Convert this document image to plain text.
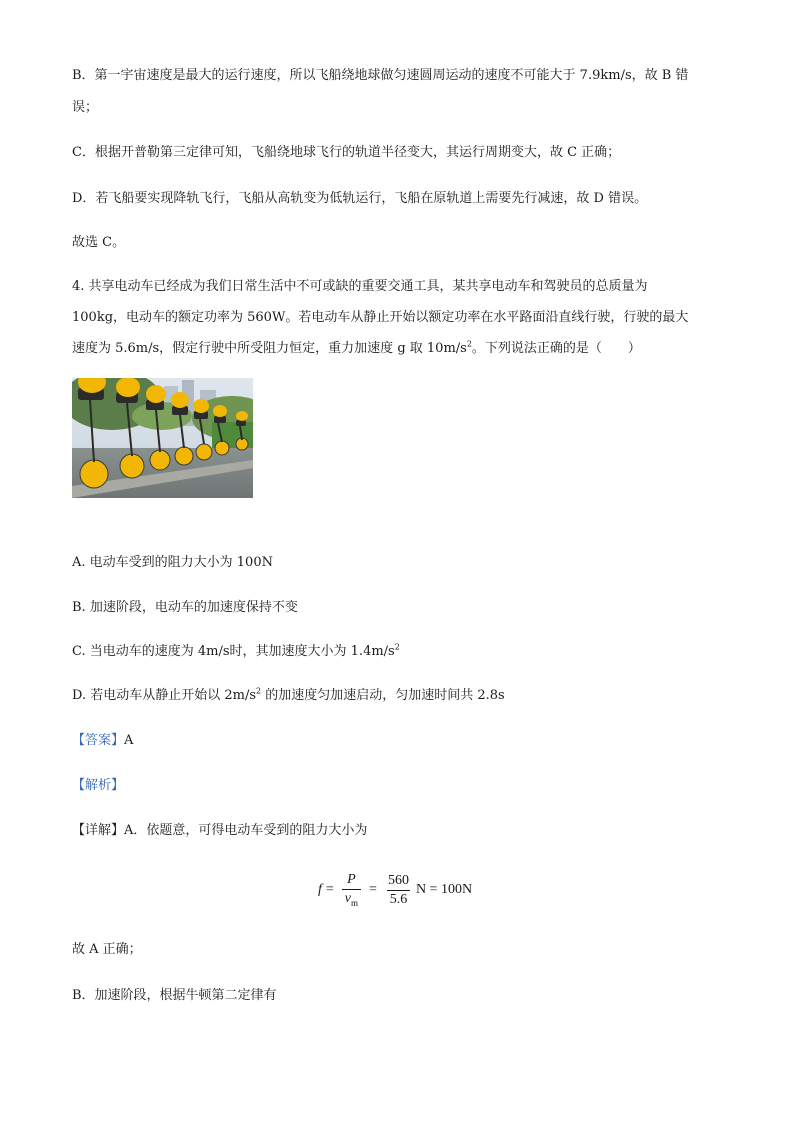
B．第一宇宙速度是最大的运行速度，所以飞船绕地球做匀速圆周运动的速度不可能大于 7.9km/s，故 B 错
误；
C．根据开普勒第三定律可知，飞船绕地球飞行的轨道半径变大，其运行周期变大，故 C 正确；
D．若飞船要实现降轨飞行，飞船从高轨变为低轨运行，飞船在原轨道上需要先行减速，故 D 错误。
故选 C。
4. 共享电动车已经成为我们日常生活中不可或缺的重要交通工具，某共享电动车和驾驶员的总质量为
100kg，电动车的额定功率为 560W。若电动车从静止开始以额定功率在水平路面沿直线行驶，行驶的最大
速度为 5.6m/s，假定行驶中所受阻力恒定，重力加速度 g 取 $10m/s^2$。下列说法正确的是（　　）
A. 电动车受到的阻力大小为 100N
B. 加速阶段，电动车的加速度保持不变
C. 当电动车的速度为 4m/s时，其加速度大小为 $1.4m/s^2$
D. 若电动车从静止开始以 $2m/s^2$ 的加速度匀加速启动，匀加速时间共 2.8s
【答案】A
【解析】
【详解】A．依题意，可得电动车受到的阻力大小为
$f = \frac{P}{v_m} = \frac{560}{5.6}$ N = 100N
故 A 正确；
B．加速阶段，根据牛顿第二定律有
